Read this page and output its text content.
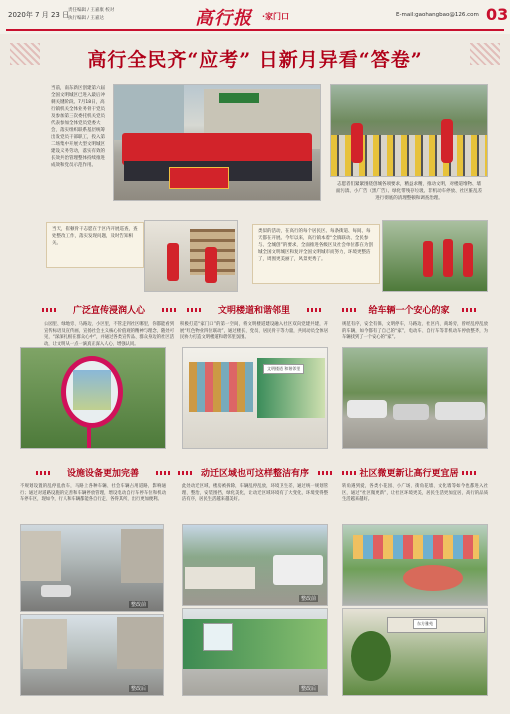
2020年 7 月 23 日
责任编辑 / 王嘉康 校对
执行编辑 / 王嘉达	高行报	·家门口	E-mail:gaohangbao@126.com 03
高行全民齐“应考” 日新月异看“答卷”
当前，南东新区创建第六届全国文明城区已进入最后冲刺关键阶段。7月18日，高行镇机关全体业务骨干党员及参加第三次委托机关党员代表参加全体党员党委大会，落实组织联系基层统筹出发党员干部职工，投入第二场集中开展大型文明城区建设义务劳动，落实有效的长效共治管理整体持续推进成效和党员示范作用。
志愿者们紧紧围绕创城各项要求，精益求精，推动文明，对楼道堆物、墙面污渍、小广告（黑广告）、绿化带残存垃圾、非机动车停放、社区脏乱差进行彻底的清理整顿和调查治理。
当天，崔顿骨干志愿在于区内开展巡查，查处整改工作，落实发现问题，及时告知相关。
类似的活动，在高行的每个居民区、每条街道、每间、每天都在开展。今年以来，高行镇本着“全镇联动、全民参与、全城创”的要求，全面推进各级区及社会单位都在为创城全国文明城区和复评全国文明城市而努力，环境更整洁了，周围更美丽了，风景更秀了。
广泛宣传浸润人心	文明楼道和谐邻里	给车辆一个安心的家
公园里、绿地旁、马路边、小区里，不管走到社区哪里，你都能看到宣传标语及宣传画，宣扬社会主义核心价值观的精神与理念，随处可见，“深深扎根在群众心中”，并通过各类宣传品、群众身边的社区活动，让文明从一点一滴真正深入人心、增强认同。
积极打造“家门口”的第一空间，将文明楼道建设融入社区双向党建共建，开展“红色物业四位联动”，通过楼长、党员、居民骨干等力量，共同动员全体居民协力打造文明楼道和谐邻里氛围。
规范有序，安全有保，文明停车，马路边、社区内、商场旁，曾经乱停乱放的车辆，如今都有了自己的“家”，电动车、自行车等非机动车停放整齐，为车辆找到了一个安心的“家”。
文明楼道 和谐邻里
设施设备更加完善	动迁区域也可这样整洁有序	社区微更新让高行更宜居
不规划设置的乱停乱放车，马路上各种车辆、社会车辆占用道路，影响通行；通过对道路设施的完善和车辆停放管理，增设电动自行车停车位和机动车停车区，现如今，行人和车辆都能各自行走、各得其所，出行更加便利。
此处动迁区域，楼房被拆除，车辆乱停乱放，环境卫生差，通过统一规划管理、整治，安装围挡，绿化美化，让动迁区域环境有了大变化，环境变得整洁有序，居民生活越来越美好。
转角遇到爱，各类小花园、小广场、街角花墙、文化墙等如今也都进入社区，通过“社区微更新”，让社区环境更美，居民生活更加宜居，高行的品质生活越来越好。
整改前
整改后
整改前
整改后
东方雅苑
